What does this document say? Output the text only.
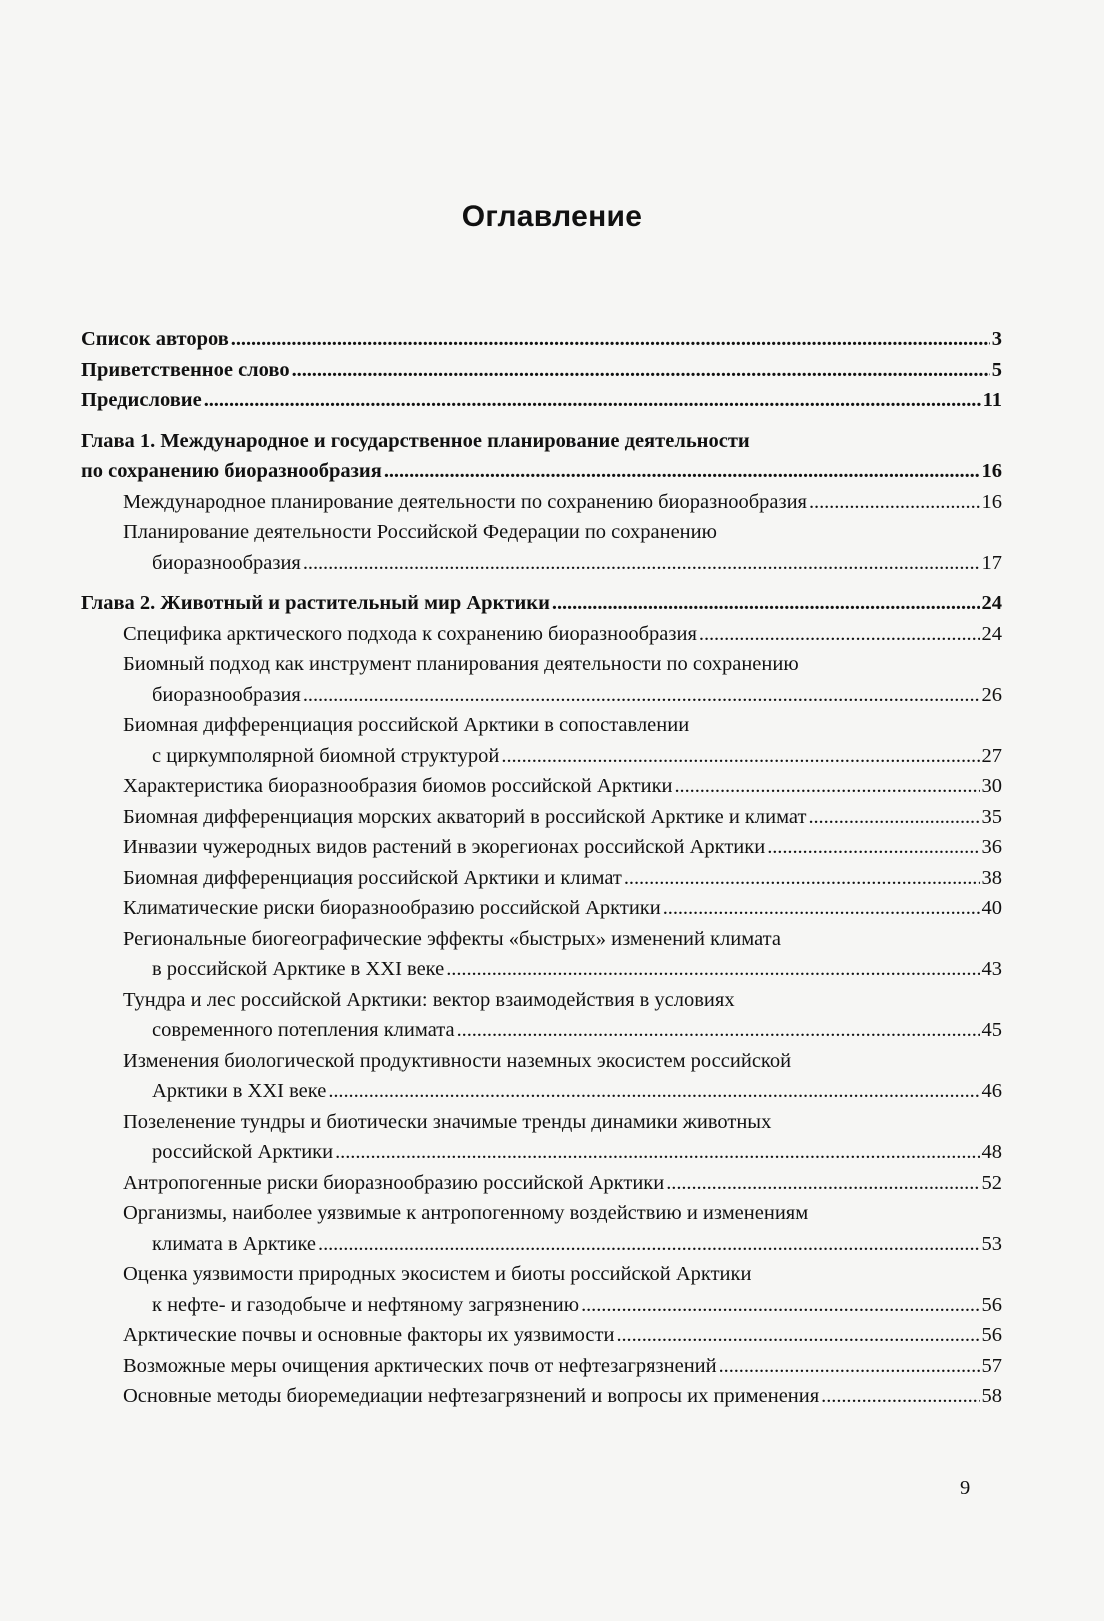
Оглавление
Список авторов . . .	3
Приветственное слово . . .	5
Предисловие . . .	11
Глава 1. Международное и государственное планирование деятельности
по сохранению биоразнообразия . . .	16
Международное планирование деятельности по сохранению биоразнообразия . . .	16
Планирование деятельности Российской Федерации по сохранению
биоразнообразия . . .	17
Глава 2. Животный и растительный мир Арктики . . .	24
Специфика арктического подхода к сохранению биоразнообразия . . .	24
Биомный подход как инструмент планирования деятельности по сохранению
биоразнообразия . . .	26
Биомная дифференциация российской Арктики в сопоставлении
с циркумполярной биомной структурой . . .	27
Характеристика биоразнообразия биомов российской Арктики . . .	30
Биомная дифференциация морских акваторий в российской Арктике и климат . . .	35
Инвазии чужеродных видов растений в экорегионах российской Арктики . . .	36
Биомная дифференциация российской Арктики и климат . . .	38
Климатические риски биоразнообразию российской Арктики . . .	40
Региональные биогеографические эффекты «быстрых» изменений климата
в российской Арктике в XXI веке . . .	43
Тундра и лес российской Арктики: вектор взаимодействия в условиях
современного потепления климата . . .	45
Изменения биологической продуктивности наземных экосистем российской
Арктики в XXI веке . . .	46
Позеленение тундры и биотически значимые тренды динамики животных
российской Арктики . . .	48
Антропогенные риски биоразнообразию российской Арктики . . .	52
Организмы, наиболее уязвимые к антропогенному воздействию и изменениям
климата в Арктике . . .	53
Оценка уязвимости природных экосистем и биоты российской Арктики
к нефте- и газодобыче и нефтяному загрязнению . . .	56
Арктические почвы и основные факторы их уязвимости . . .	56
Возможные меры очищения арктических почв от нефтезагрязнений . . .	57
Основные методы биоремедиации нефтезагрязнений и вопросы их применения . . .	58
9
